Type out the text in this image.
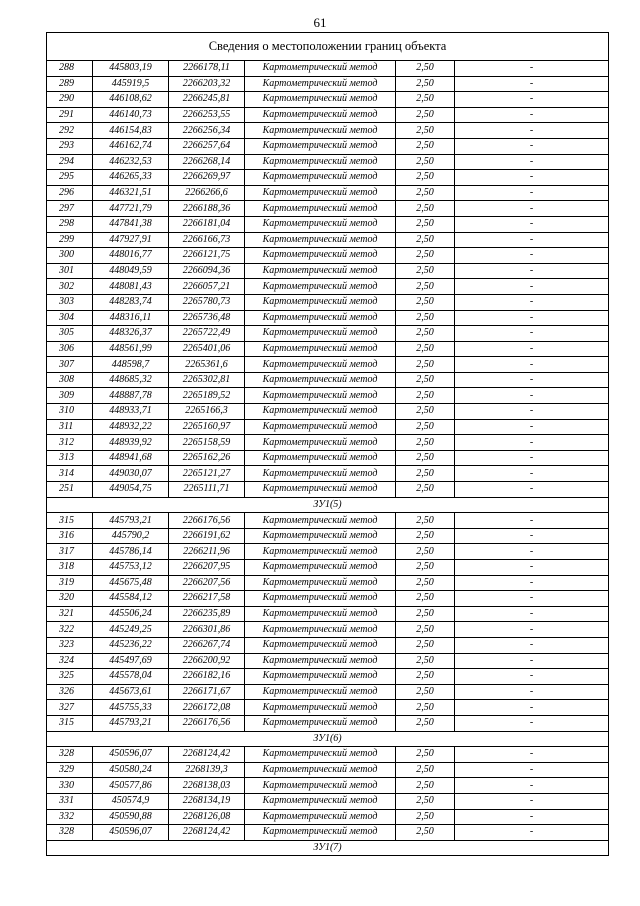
61
Сведения о местоположении границ объекта					
288	445803,19	2266178,11	Картометрический метод	2,50	-
289	445919,5	2266203,32	Картометрический метод	2,50	-
290	446108,62	2266245,81	Картометрический метод	2,50	-
291	446140,73	2266253,55	Картометрический метод	2,50	-
292	446154,83	2266256,34	Картометрический метод	2,50	-
293	446162,74	2266257,64	Картометрический метод	2,50	-
294	446232,53	2266268,14	Картометрический метод	2,50	-
295	446265,33	2266269,97	Картометрический метод	2,50	-
296	446321,51	2266266,6	Картометрический метод	2,50	-
297	447721,79	2266188,36	Картометрический метод	2,50	-
298	447841,38	2266181,04	Картометрический метод	2,50	-
299	447927,91	2266166,73	Картометрический метод	2,50	-
300	448016,77	2266121,75	Картометрический метод	2,50	-
301	448049,59	2266094,36	Картометрический метод	2,50	-
302	448081,43	2266057,21	Картометрический метод	2,50	-
303	448283,74	2265780,73	Картометрический метод	2,50	-
304	448316,11	2265736,48	Картометрический метод	2,50	-
305	448326,37	2265722,49	Картометрический метод	2,50	-
306	448561,99	2265401,06	Картометрический метод	2,50	-
307	448598,7	2265361,6	Картометрический метод	2,50	-
308	448685,32	2265302,81	Картометрический метод	2,50	-
309	448887,78	2265189,52	Картометрический метод	2,50	-
310	448933,71	2265166,3	Картометрический метод	2,50	-
311	448932,22	2265160,97	Картометрический метод	2,50	-
312	448939,92	2265158,59	Картометрический метод	2,50	-
313	448941,68	2265162,26	Картометрический метод	2,50	-
314	449030,07	2265121,27	Картометрический метод	2,50	-
251	449054,75	2265111,71	Картометрический метод	2,50	-
ЗУ1(5)					
315	445793,21	2266176,56	Картометрический метод	2,50	-
316	445790,2	2266191,62	Картометрический метод	2,50	-
317	445786,14	2266211,96	Картометрический метод	2,50	-
318	445753,12	2266207,95	Картометрический метод	2,50	-
319	445675,48	2266207,56	Картометрический метод	2,50	-
320	445584,12	2266217,58	Картометрический метод	2,50	-
321	445506,24	2266235,89	Картометрический метод	2,50	-
322	445249,25	2266301,86	Картометрический метод	2,50	-
323	445236,22	2266267,74	Картометрический метод	2,50	-
324	445497,69	2266200,92	Картометрический метод	2,50	-
325	445578,04	2266182,16	Картометрический метод	2,50	-
326	445673,61	2266171,67	Картометрический метод	2,50	-
327	445755,33	2266172,08	Картометрический метод	2,50	-
315	445793,21	2266176,56	Картометрический метод	2,50	-
ЗУ1(6)					
328	450596,07	2268124,42	Картометрический метод	2,50	-
329	450580,24	2268139,3	Картометрический метод	2,50	-
330	450577,86	2268138,03	Картометрический метод	2,50	-
331	450574,9	2268134,19	Картометрический метод	2,50	-
332	450590,88	2268126,08	Картометрический метод	2,50	-
328	450596,07	2268124,42	Картометрический метод	2,50	-
ЗУ1(7)					
